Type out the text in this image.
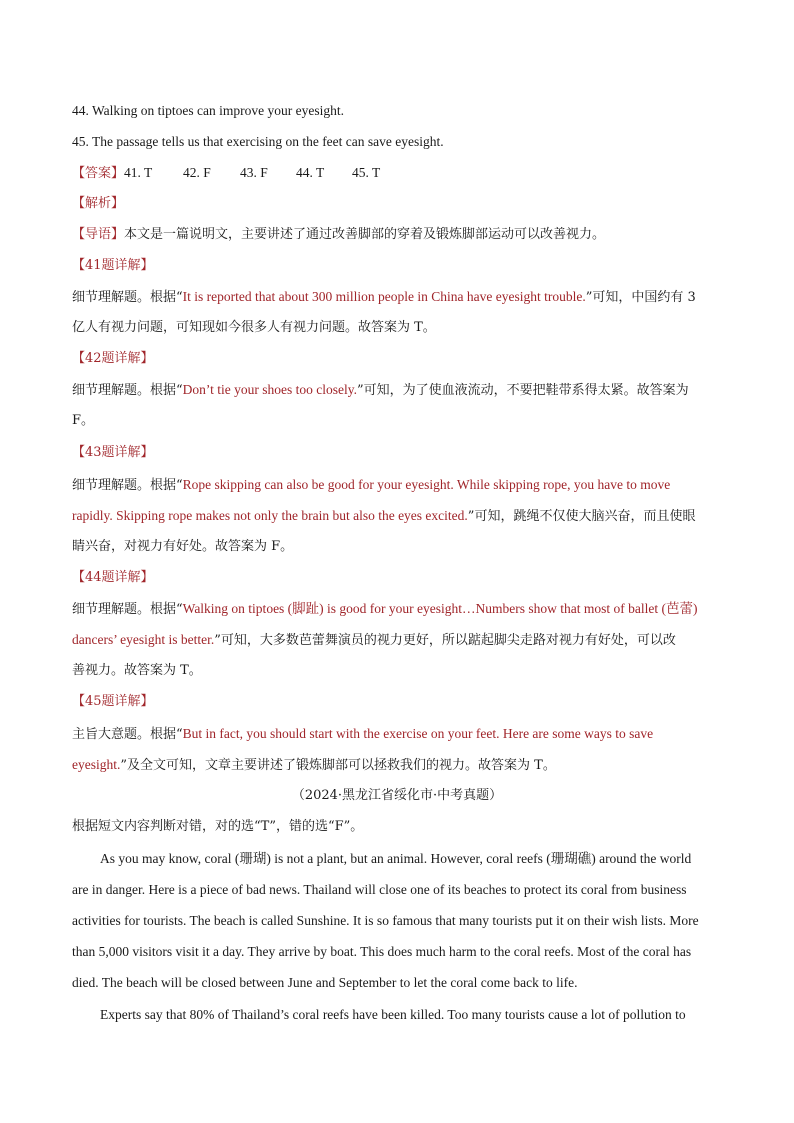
44. Walking on tiptoes can improve your eyesight.
45. The passage tells us that exercising on the feet can save eyesight.
【答案】41. T 42. F 43. F 44. T 45. T
【解析】
【导语】本文是一篇说明文，主要讲述了通过改善脚部的穿着及锻炼脚部运动可以改善视力。
【41题详解】
细节理解题。根据“It is reported that about 300 million people in China have eyesight trouble.”可知，中国约有 3
亿人有视力问题，可知现如今很多人有视力问题。故答案为 T。
【42题详解】
细节理解题。根据“Don’t tie your shoes too closely.”可知，为了使血液流动，不要把鞋带系得太紧。故答案为
F。
【43题详解】
细节理解题。根据“Rope skipping can also be good for your eyesight. While skipping rope, you have to move
rapidly. Skipping rope makes not only the brain but also the eyes excited.”可知，跳绳不仅使大脑兴奋，而且使眼
睛兴奋，对视力有好处。故答案为 F。
【44题详解】
细节理解题。根据“Walking on tiptoes (脚趾) is good for your eyesight…Numbers show that most of ballet (芭蕾)
dancers’ eyesight is better.”可知，大多数芭蕾舞演员的视力更好，所以踮起脚尖走路对视力有好处，可以改
善视力。故答案为 T。
【45题详解】
主旨大意题。根据“But in fact, you should start with the exercise on your feet. Here are some ways to save
eyesight.”及全文可知，文章主要讲述了锻炼脚部可以拯救我们的视力。故答案为 T。
（2024·黑龙江省绥化市·中考真题）
根据短文内容判断对错，对的选“T”，错的选“F”。
As you may know, coral (珊瑚) is not a plant, but an animal. However, coral reefs (珊瑚礁) around the world
are in danger. Here is a piece of bad news. Thailand will close one of its beaches to protect its coral from business
activities for tourists. The beach is called Sunshine. It is so famous that many tourists put it on their wish lists. More
than 5,000 visitors visit it a day. They arrive by boat. This does much harm to the coral reefs. Most of the coral has
died. The beach will be closed between June and September to let the coral come back to life.
Experts say that 80% of Thailand’s coral reefs have been killed. Too many tourists cause a lot of pollution to
